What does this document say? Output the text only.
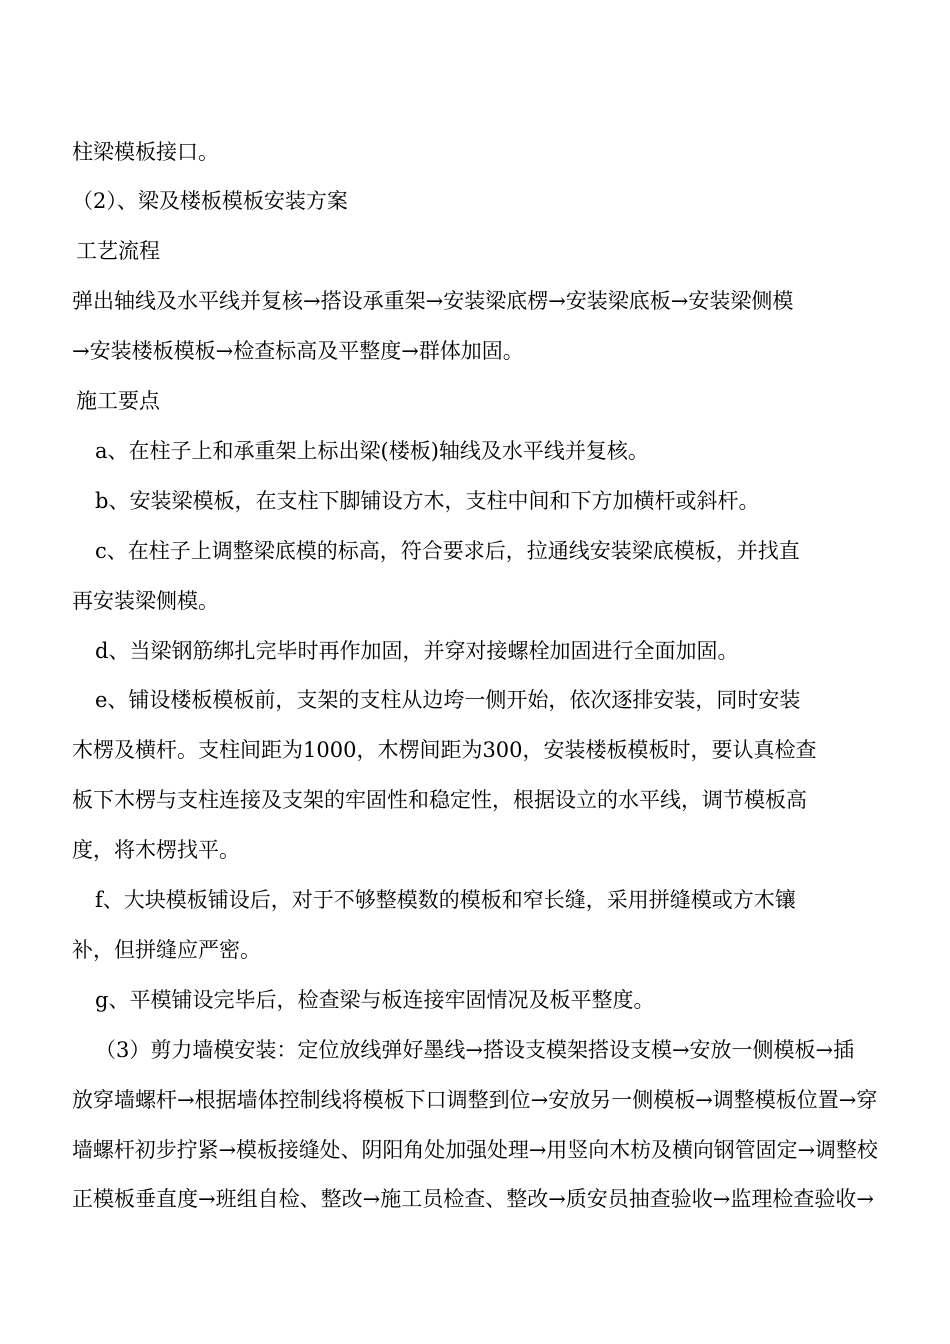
柱梁模板接口。
（2）、梁及楼板模板安装方案
工艺流程
弹出轴线及水平线并复核→搭设承重架→安装梁底楞→安装梁底板→安装梁侧模
→安装楼板模板→检查标高及平整度→群体加固。
施工要点
a、在柱子上和承重架上标出梁(楼板)轴线及水平线并复核。
b、安装梁模板，在支柱下脚铺设方木，支柱中间和下方加横杆或斜杆。
c、在柱子上调整梁底模的标高，符合要求后，拉通线安装梁底模板，并找直
再安装梁侧模。
d、当梁钢筋绑扎完毕时再作加固，并穿对接螺栓加固进行全面加固。
e、铺设楼板模板前，支架的支柱从边垮一侧开始，依次逐排安装，同时安装
木楞及横杆。支柱间距为1000，木楞间距为300，安装楼板模板时，要认真检查
板下木楞与支柱连接及支架的牢固性和稳定性，根据设立的水平线，调节模板高
度，将木楞找平。
f、大块模板铺设后，对于不够整模数的模板和窄长缝，采用拼缝模或方木镶
补，但拼缝应严密。
g、平模铺设完毕后，检查梁与板连接牢固情况及板平整度。
（3）剪力墙模安装：定位放线弹好墨线→搭设支模架搭设支模→安放一侧模板→插
放穿墙螺杆→根据墙体控制线将模板下口调整到位→安放另一侧模板→调整模板位置→穿
墙螺杆初步拧紧→模板接缝处、阴阳角处加强处理→用竖向木枋及横向钢管固定→调整校
正模板垂直度→班组自检、整改→施工员检查、整改→质安员抽查验收→监理检查验收→
